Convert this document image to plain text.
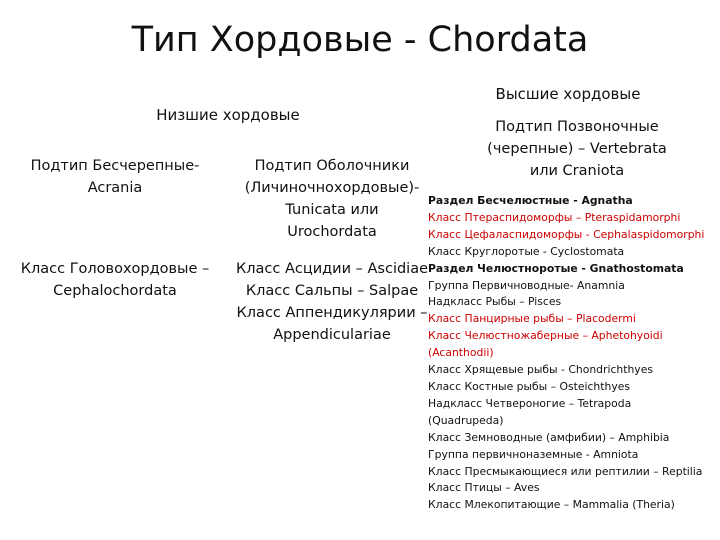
Тип Хордовые - Chordata
Низшие хордовые
Высшие хордовые
Подтип Бесчерепные-
Acrania
Класс Головохордовые –
Cephalochordata
Подтип Оболочники
(Личиночнохордовые)-
Tunicata или
Urochordata
Класс Асцидии – Ascidiae
Класс Сальпы – Salpae
Класс Аппендикулярии –
Appendiculariae
Подтип Позвоночные
(черепные) – Vertebrata
или Craniota
Раздел Бесчелюстные - Agnatha
Класс Птераспидоморфы – Pteraspidamorphi
Класс Цефаласпидоморфы - Cephalaspidomorphi
Класс Круглоротые - Cyclostomata
Раздел Челюстноротые - Gnathostomata
Группа Первичноводные- Anamnia
Надкласс Рыбы – Pisces
Класс Панцирные рыбы – Placodermi
Класс Челюстножаберные – Aphetohyoidi
(Acanthodii)
Класс Хрящевые рыбы - Chondrichthyes
Класс Костные рыбы – Osteichthyes
Надкласс Четвероногие – Tetrapoda
(Quadrupeda)
Класс Земноводные (амфибии) – Amphibia
Группа первичноназемные - Amniota
Класс Пресмыкающиеся или рептилии – Reptilia
Класс Птицы – Aves
Класс Млекопитающие – Mammalia (Theria)
